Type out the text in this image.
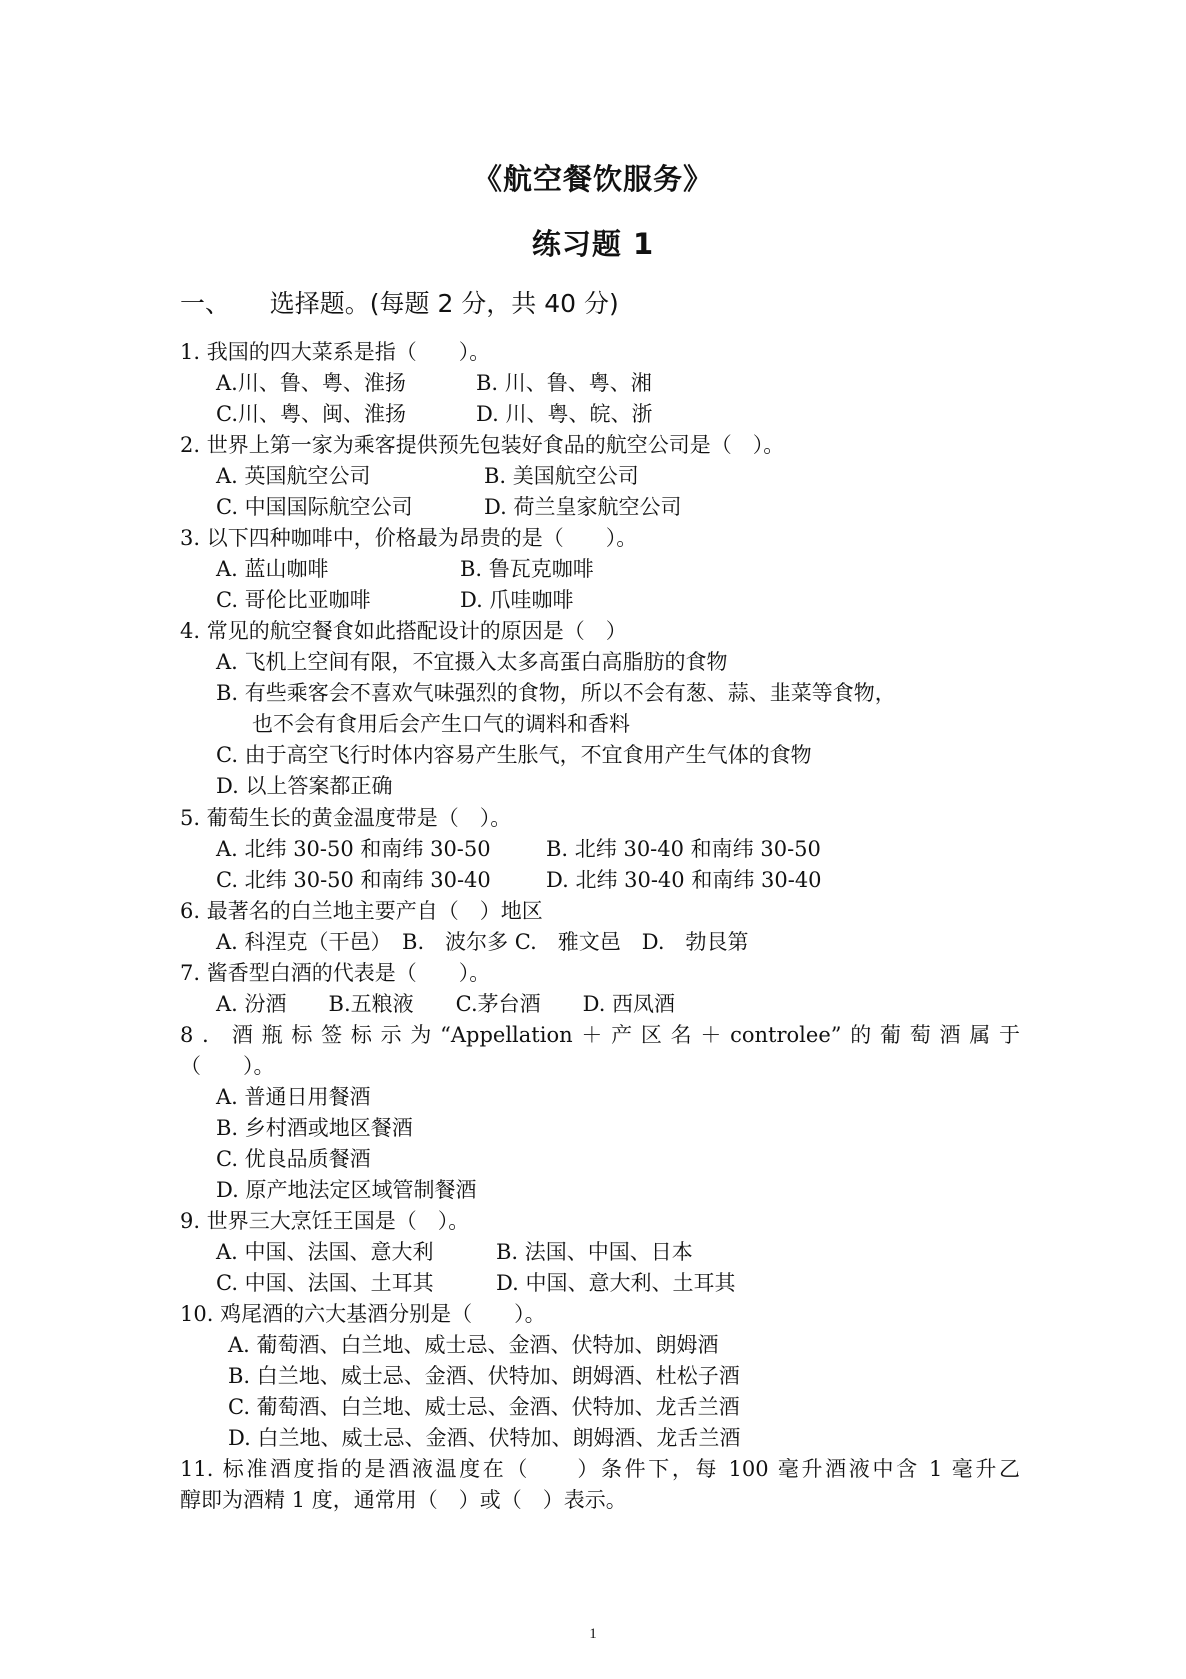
《航空餐饮服务》
练习题 1
一、 选择题。(每题 2 分，共 40 分)
1. 我国的四大菜系是指（　　）。
A.川、鲁、粤、淮扬	B. 川、鲁、粤、湘
C.川、粤、闽、淮扬	D. 川、粤、皖、浙
2. 世界上第一家为乘客提供预先包装好食品的航空公司是（　）。
A. 英国航空公司	B. 美国航空公司
C. 中国国际航空公司	D. 荷兰皇家航空公司
3. 以下四种咖啡中，价格最为昂贵的是（　　）。
A. 蓝山咖啡	B. 鲁瓦克咖啡
C. 哥伦比亚咖啡	D. 爪哇咖啡
4. 常见的航空餐食如此搭配设计的原因是（　）
A. 飞机上空间有限，不宜摄入太多高蛋白高脂肪的食物
B. 有些乘客会不喜欢气味强烈的食物，所以不会有葱、蒜、韭菜等食物，
也不会有食用后会产生口气的调料和香料
C. 由于高空飞行时体内容易产生胀气，不宜食用产生气体的食物
D. 以上答案都正确
5. 葡萄生长的黄金温度带是（　）。
A. 北纬 30-50 和南纬 30-50	B. 北纬 30-40 和南纬 30-50
C. 北纬 30-50 和南纬 30-40	D. 北纬 30-40 和南纬 30-40
6. 最著名的白兰地主要产自（　）地区
A. 科涅克（干邑）　B.　波尔多 C.　雅文邑　D.　勃艮第
7. 酱香型白酒的代表是（　　）。
A. 汾酒　　B.五粮液　　C.茅台酒　　D. 西凤酒
8．酒瓶标签标示为“Appellation＋产区名＋controlee”的葡萄酒属于
（　　）。
A. 普通日用餐酒
B. 乡村酒或地区餐酒
C. 优良品质餐酒
D. 原产地法定区域管制餐酒
9. 世界三大烹饪王国是（　）。
A. 中国、法国、意大利	B. 法国、中国、日本
C. 中国、法国、土耳其	D. 中国、意大利、土耳其
10. 鸡尾酒的六大基酒分别是（　　）。
A. 葡萄酒、白兰地、威士忌、金酒、伏特加、朗姆酒
B. 白兰地、威士忌、金酒、伏特加、朗姆酒、杜松子酒
C. 葡萄酒、白兰地、威士忌、金酒、伏特加、龙舌兰酒
D. 白兰地、威士忌、金酒、伏特加、朗姆酒、龙舌兰酒
11. 标准酒度指的是酒液温度在（　　）条件下，每 100 毫升酒液中含 1 毫升乙
醇即为酒精 1 度，通常用（　）或（　）表示。
1
